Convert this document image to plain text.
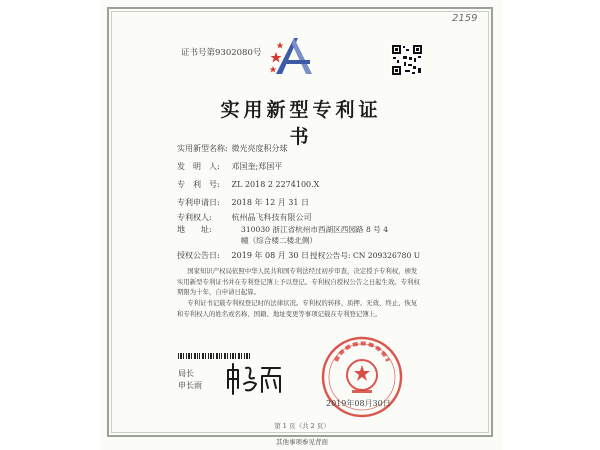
2159
证书号第9302080号
实用新型专利证书
实用新型名称: 微光亮度积分球
发　明　人: 邓国奎;郑国平
专　利　号: ZL 2018 2 2274100.X
专利申请日: 2018 年 12 月 31 日
专利权人: 杭州晶飞科技有限公司
地　　址:	310030 浙江省杭州市西湖区西园路 8 号 4 幢（综合楼二楼北侧）
授权公告日: 2019 年 08 月 30 日 授权公告号: CN 209326780 U
国家知识产权局依照中华人民共和国专利法经过初步审查，决定授予专利权，颁发实用新型专利证书并在专利登记簿上予以登记。专利权自授权公告之日起生效。专利权期限为十年，自申请日起算。
专利证书记载专利权登记时的法律状况。专利权的转移、质押、无效、终止、恢复和专利权人的姓名或名称、国籍、地址变更等事项记载在专利登记簿上。
局长
申长雨
2019年08月30日
第 1 页（共 2 页）
其他事项参见背面
